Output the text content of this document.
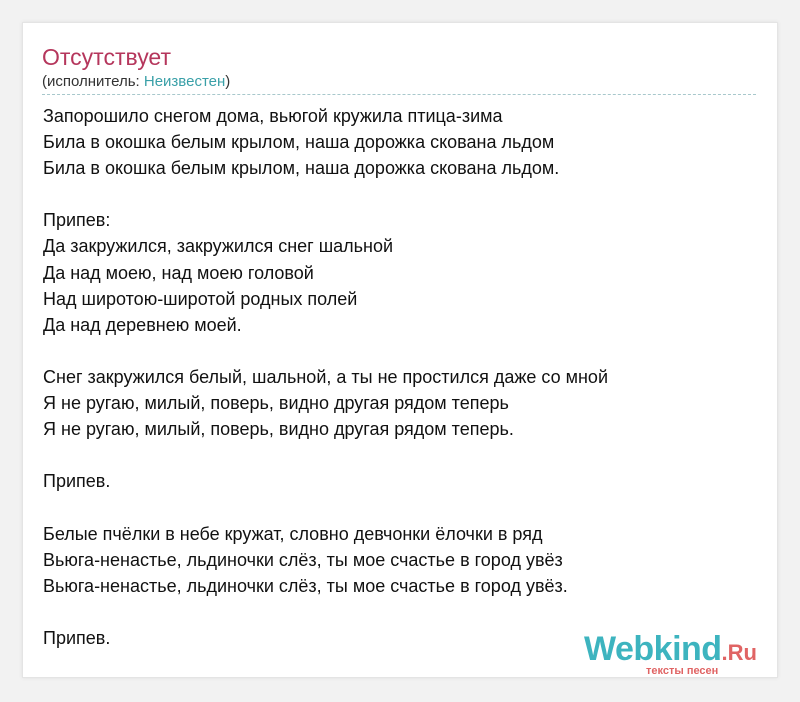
Отсутствует
(исполнитель: Неизвестен)
Запорошило снегом дома, вьюгой кружила птица-зима
Била в окошка белым крылом, наша дорожка скована льдом
Била в окошка белым крылом, наша дорожка скована льдом.
Припев:
Да закружился, закружился снег шальной
Да над моею, над моею головой
Над широтою-широтой родных полей
Да над деревнею моей.
Снег закружился белый, шальной, а ты не простился даже со мной
Я не ругаю, милый, поверь, видно другая рядом теперь
Я не ругаю, милый, поверь, видно другая рядом теперь.
Припев.
Белые пчёлки в небе кружат, словно девчонки ёлочки в ряд
Вьюга-ненастье, льдиночки слёз, ты мое счастье в город увёз
Вьюга-ненастье, льдиночки слёз, ты мое счастье в город увёз.
Припев.	Webkind.Ru
тексты песен
